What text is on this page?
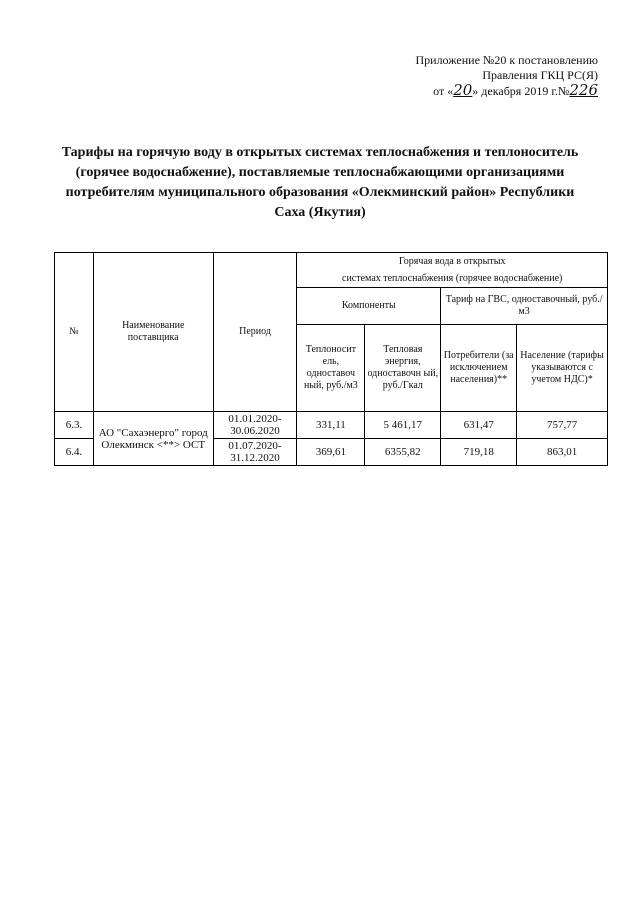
Приложение №20 к постановлению
Правления ГКЦ РС(Я)
от «20» декабря 2019 г.№226
Тарифы на горячую воду в открытых системах теплоснабжения и теплоноситель (горячее водоснабжение), поставляемые теплоснабжающими организациями потребителям муниципального образования «Олекминский район» Республики Саха (Якутия)
№	Наименование поставщика	Период	Горячая вода в открытых			
			системах теплоснабжения (горячее водоснабжение)			
			Компоненты		Тариф на ГВС, одноставочный, руб./м3	
			Теплоносит ель, одноставоч ный, руб./м3	Тепловая энергия, одноставочн ый, руб./Гкал	Потребители (за исключением населения)**	Население (тарифы указываются с учетом НДС)*
6.3.	АО "Сахаэнерго" город Олекминск <**> ОСТ	01.01.2020-30.06.2020	331,11	5 461,17	631,47	757,77
6.4.		01.07.2020-31.12.2020	369,61	6355,82	719,18	863,01
